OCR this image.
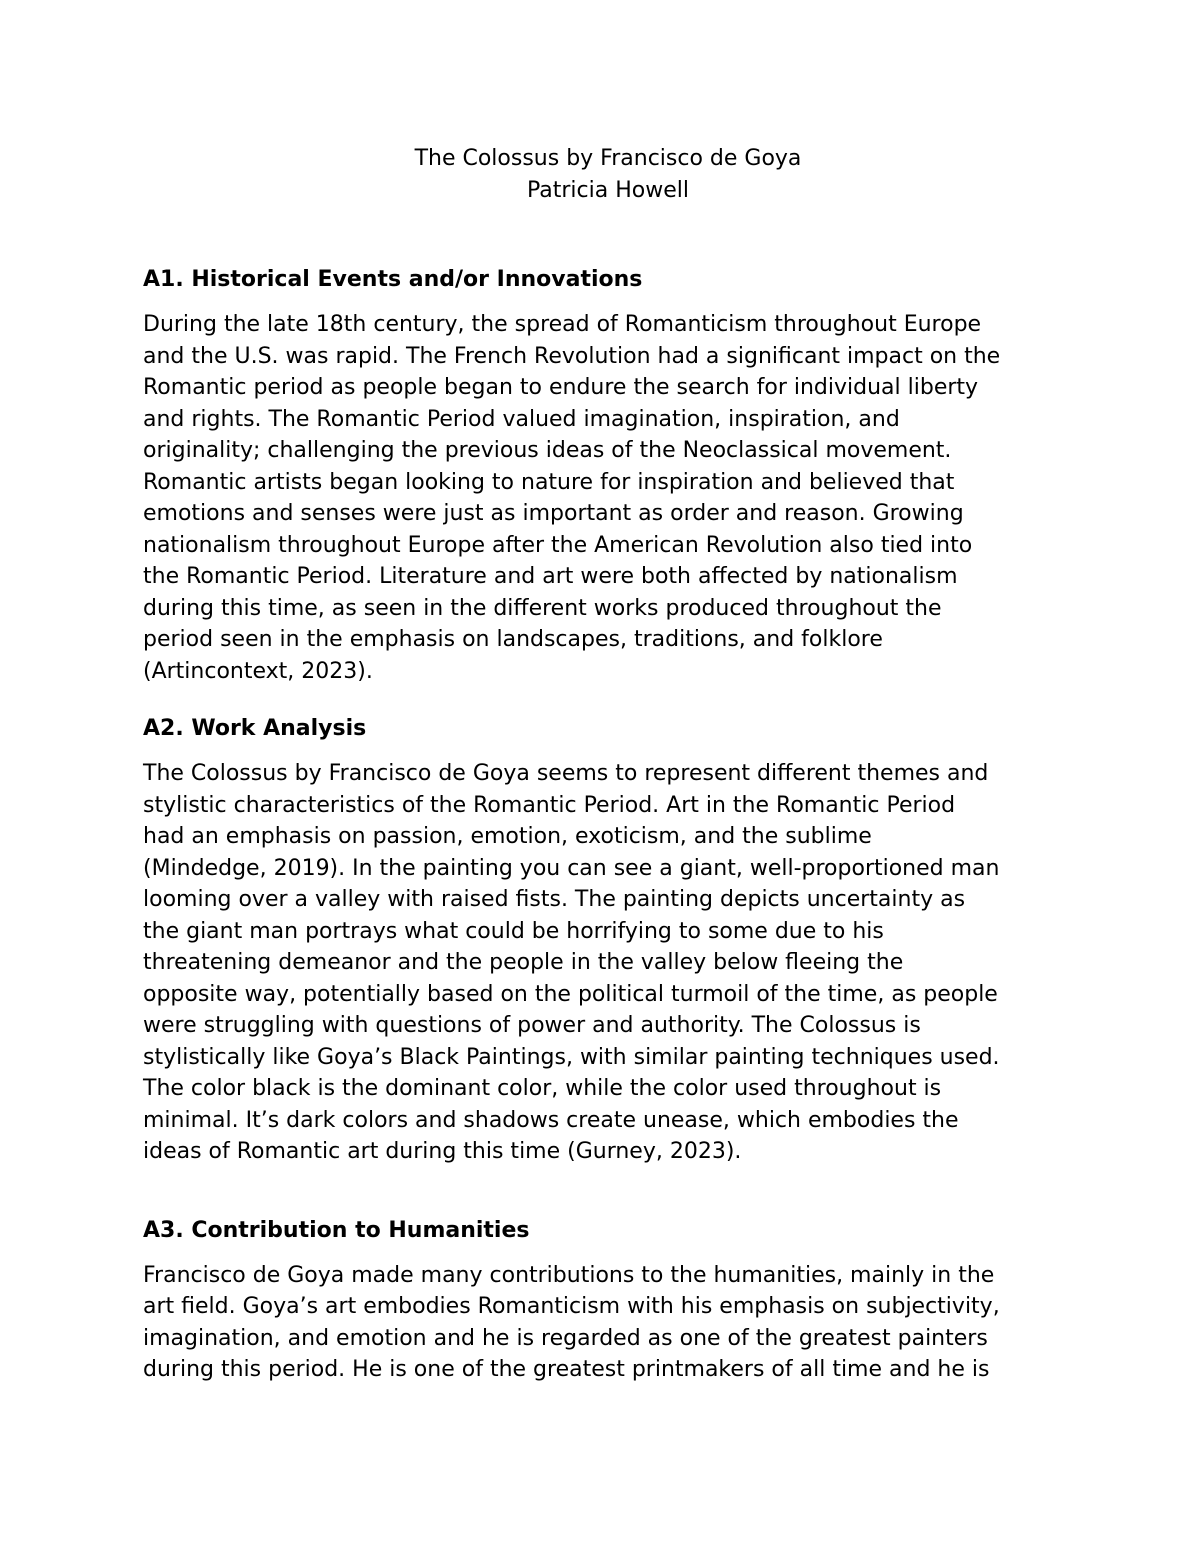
The Colossus by Francisco de Goya
Patricia Howell
A1. Historical Events and/or Innovations

During the late 18th century, the spread of Romanticism throughout Europe
and the U.S. was rapid. The French Revolution had a significant impact on the
Romantic period as people began to endure the search for individual liberty
and rights. The Romantic Period valued imagination, inspiration, and
originality; challenging the previous ideas of the Neoclassical movement.
Romantic artists began looking to nature for inspiration and believed that
emotions and senses were just as important as order and reason. Growing
nationalism throughout Europe after the American Revolution also tied into
the Romantic Period. Literature and art were both affected by nationalism
during this time, as seen in the different works produced throughout the
period seen in the emphasis on landscapes, traditions, and folklore
(Artincontext, 2023).

A2. Work Analysis

The Colossus by Francisco de Goya seems to represent different themes and
stylistic characteristics of the Romantic Period. Art in the Romantic Period
had an emphasis on passion, emotion, exoticism, and the sublime
(Mindedge, 2019). In the painting you can see a giant, well-proportioned man
looming over a valley with raised fists. The painting depicts uncertainty as
the giant man portrays what could be horrifying to some due to his
threatening demeanor and the people in the valley below fleeing the
opposite way, potentially based on the political turmoil of the time, as people
were struggling with questions of power and authority. The Colossus is
stylistically like Goya’s Black Paintings, with similar painting techniques used.
The color black is the dominant color, while the color used throughout is
minimal. It’s dark colors and shadows create unease, which embodies the
ideas of Romantic art during this time (Gurney, 2023).

A3. Contribution to Humanities

Francisco de Goya made many contributions to the humanities, mainly in the
art field. Goya’s art embodies Romanticism with his emphasis on subjectivity,
imagination, and emotion and he is regarded as one of the greatest painters
during this period. He is one of the greatest printmakers of all time and he is
